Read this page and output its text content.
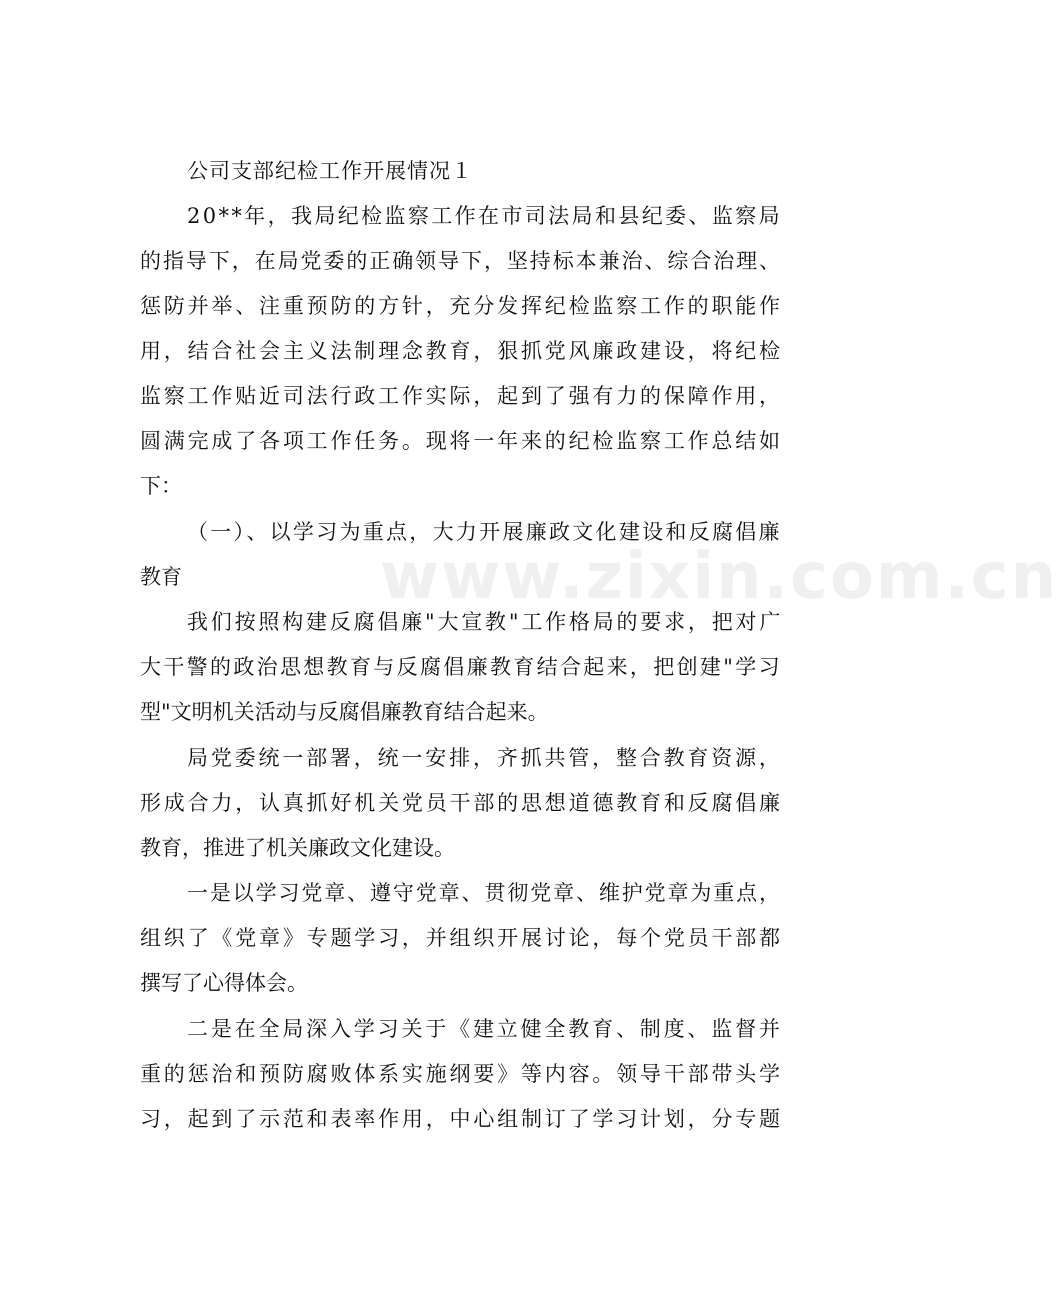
www.zixin.com.cn
公司支部纪检工作开展情况１
20**年，我局纪检监察工作在市司法局和县纪委、监察局
的指导下，在局党委的正确领导下，坚持标本兼治、综合治理、
惩防并举、注重预防的方针，充分发挥纪检监察工作的职能作
用，结合社会主义法制理念教育，狠抓党风廉政建设，将纪检
监察工作贴近司法行政工作实际，起到了强有力的保障作用，
圆满完成了各项工作任务。现将一年来的纪检监察工作总结如
下：
（一）、以学习为重点，大力开展廉政文化建设和反腐倡廉
教育
我们按照构建反腐倡廉"大宣教"工作格局的要求，把对广
大干警的政治思想教育与反腐倡廉教育结合起来，把创建"学习
型"文明机关活动与反腐倡廉教育结合起来。
局党委统一部署，统一安排，齐抓共管，整合教育资源，
形成合力，认真抓好机关党员干部的思想道德教育和反腐倡廉
教育，推进了机关廉政文化建设。
一是以学习党章、遵守党章、贯彻党章、维护党章为重点，
组织了《党章》专题学习，并组织开展讨论，每个党员干部都
撰写了心得体会。
二是在全局深入学习关于《建立健全教育、制度、监督并
重的惩治和预防腐败体系实施纲要》等内容。领导干部带头学
习，起到了示范和表率作用，中心组制订了学习计划，分专题
